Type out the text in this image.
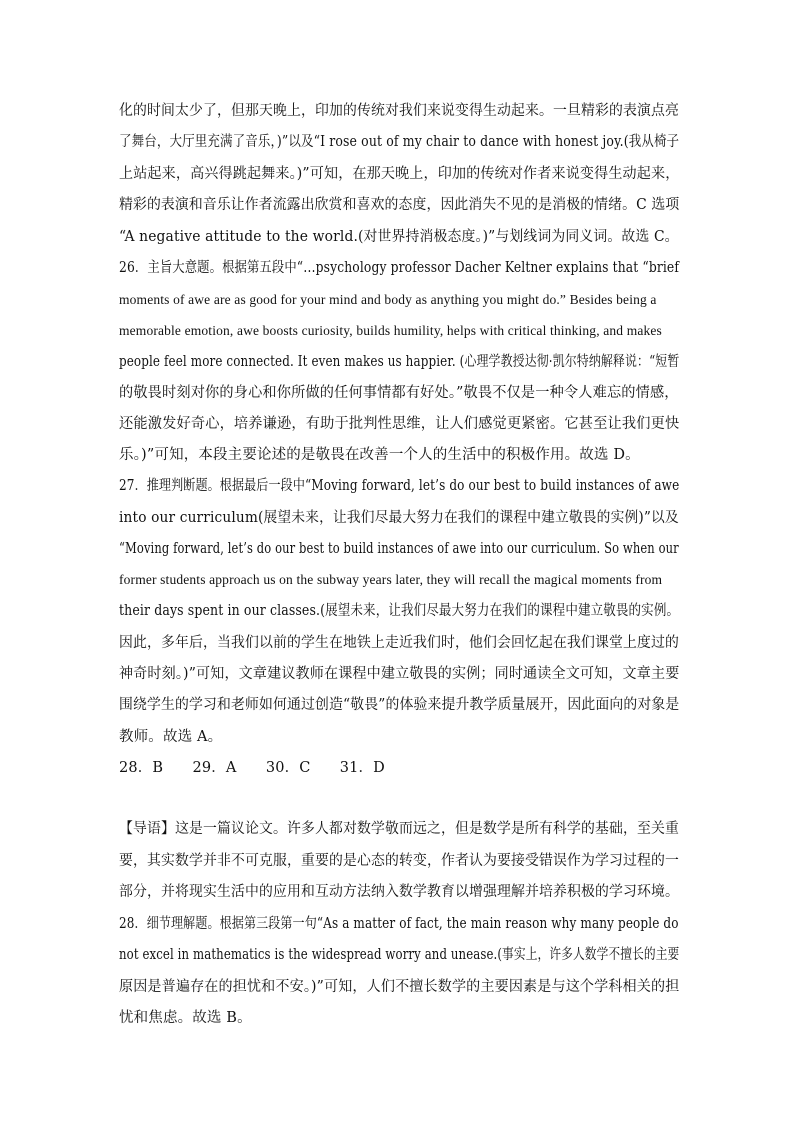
化的时间太少了，但那天晚上，印加的传统对我们来说变得生动起来。一旦精彩的表演点亮
了舞台，大厅里充满了音乐，)”以及“I rose out of my chair to dance with honest joy.(我从椅子
上站起来，高兴得跳起舞来。)”可知，在那天晚上，印加的传统对作者来说变得生动起来，
精彩的表演和音乐让作者流露出欣赏和喜欢的态度，因此消失不见的是消极的情绪。C 选项
“A negative attitude to the world.(对世界持消极态度。)”与划线词为同义词。故选 C。
26．主旨大意题。根据第五段中“…psychology professor Dacher Keltner explains that “brief
moments of awe are as good for your mind and body as anything you might do.” Besides being a
memorable emotion, awe boosts curiosity, builds humility, helps with critical thinking, and makes
people feel more connected. It even makes us happier. (心理学教授达彻·凯尔特纳解释说：“短暂
的敬畏时刻对你的身心和你所做的任何事情都有好处。”敬畏不仅是一种令人难忘的情感，
还能激发好奇心，培养谦逊，有助于批判性思维，让人们感觉更紧密。它甚至让我们更快
乐。)”可知，本段主要论述的是敬畏在改善一个人的生活中的积极作用。故选 D。
27．推理判断题。根据最后一段中“Moving forward, let’s do our best to build instances of awe
into our curriculum(展望未来，让我们尽最大努力在我们的课程中建立敬畏的实例)”以及
“Moving forward, let’s do our best to build instances of awe into our curriculum. So when our
former students approach us on the subway years later, they will recall the magical moments from
their days spent in our classes.(展望未来，让我们尽最大努力在我们的课程中建立敬畏的实例。
因此，多年后，当我们以前的学生在地铁上走近我们时，他们会回忆起在我们课堂上度过的
神奇时刻。)”可知，文章建议教师在课程中建立敬畏的实例；同时通读全文可知，文章主要
围绕学生的学习和老师如何通过创造“敬畏”的体验来提升教学质量展开，因此面向的对象是
教师。故选 A。
28．B　　29．A　　30．C　　31．D
【导语】这是一篇议论文。许多人都对数学敬而远之，但是数学是所有科学的基础，至关重
要，其实数学并非不可克服，重要的是心态的转变，作者认为要接受错误作为学习过程的一
部分，并将现实生活中的应用和互动方法纳入数学教育以增强理解并培养积极的学习环境。
28．细节理解题。根据第三段第一句“As a matter of fact, the main reason why many people do
not excel in mathematics is the widespread worry and unease.(事实上，许多人数学不擅长的主要
原因是普遍存在的担忧和不安。)”可知，人们不擅长数学的主要因素是与这个学科相关的担
忧和焦虑。故选 B。
